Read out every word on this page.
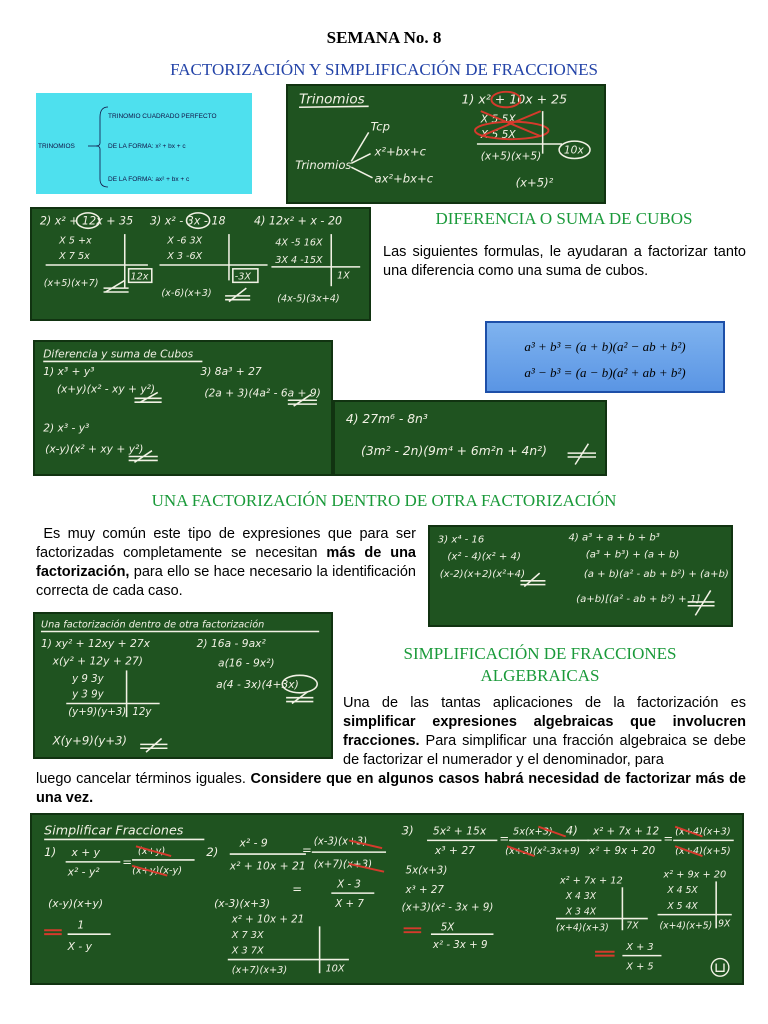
SEMANA No. 8
FACTORIZACIÓN Y SIMPLIFICACIÓN DE FRACCIONES
TRINOMIOS
TRINOMIO CUADRADO PERFECTO
DE LA FORMA: x² + bx + c
DE LA FORMA: ax² + bx + c
Trinomios
Trinomios
Tcp
x²+bx+c
ax²+bx+c
1) x² + 10x + 25
X 5 5X
X 5 5X
(x+5)(x+5) 10x
(x+5)²
2) x² + 12x + 35
X 5 +x
X 7 5x
12x
(x+5)(x+7)
3) x² - 3x - 18
X -6 3X
X 3 -6X
-3X
(x-6)(x+3)
4) 12x² + x - 20
4X -5 16X
3X 4 -15X
1X
(4x-5)(3x+4)
DIFERENCIA O SUMA DE CUBOS
Las siguientes formulas, le ayudaran a factorizar tanto una diferencia como una suma de cubos.
a³ + b³ = (a + b)(a² − ab + b²)
a³ − b³ = (a − b)(a² + ab + b²)
Diferencia y suma de Cubos
1) x³ + y³
(x+y)(x² - xy + y²)
2) x³ - y³
(x-y)(x² + xy + y²)
3) 8a³ + 27
(2a + 3)(4a² - 6a + 9)
4) 27m⁶ - 8n³
(3m² - 2n)(9m⁴ + 6m²n + 4n²)
UNA FACTORIZACIÓN DENTRO DE OTRA FACTORIZACIÓN
Es muy común este tipo de expresiones que para ser factorizadas completamente se necesitan más de una factorización, para ello se hace necesario la identificación correcta de cada caso.
3) x⁴ - 16
(x² - 4)(x² + 4)
(x-2)(x+2)(x²+4)
4) a³ + a + b + b³
(a³ + b³) + (a + b)
(a + b)(a² - ab + b²) + (a+b)
(a+b)[(a² - ab + b²) + 1]
Una factorización dentro de otra factorización
1) xy² + 12xy + 27x
x(y² + 12y + 27)
y 9 3y
y 3 9y
(y+9)(y+3) 12y
X(y+9)(y+3)
2) 16a - 9ax²
a(16 - 9x²)
a(4 - 3x)(4+3x)
SIMPLIFICACIÓN DE FRACCIONES
ALGEBRAICAS
Una de las tantas aplicaciones de la factorización es simplificar expresiones algebraicas que involucren fracciones. Para simplificar una fracción algebraica se debe de factorizar el numerador y el denominador, para
luego cancelar términos iguales. Considere que en algunos casos habrá necesidad de factorizar más de una vez.
Simplificar Fracciones
1) x + y
x² - y²
=
(x+y)
(x+y)(x-y)
(x-y)(x+y)
1
X - y
2)
x² - 9
x² + 10x + 21
=
(x-3)(x+3)
(x+7)(x+3)
(x-3)(x+3)
=	X - 3
X + 7
x² + 10x + 21
X 7 3X
X 3 7X
(x+7)(x+3)	10X
3) 5x² + 15x
x³ + 27
= 5x(x+3)
(x+3)(x²-3x+9)
5x(x+3)
x³ + 27
(x+3)(x² - 3x + 9)
5X
x² - 3x + 9
4) x² + 7x + 12
x² + 9x + 20
= (x+4)(x+3)
(x+4)(x+5)
x² + 7x + 12
X 4 3X
X 3 4X
(x+4)(x+3) 7X
x² + 9x + 20
X 4 5X
X 5 4X
(x+4)(x+5) 9X
X + 3
X + 5
